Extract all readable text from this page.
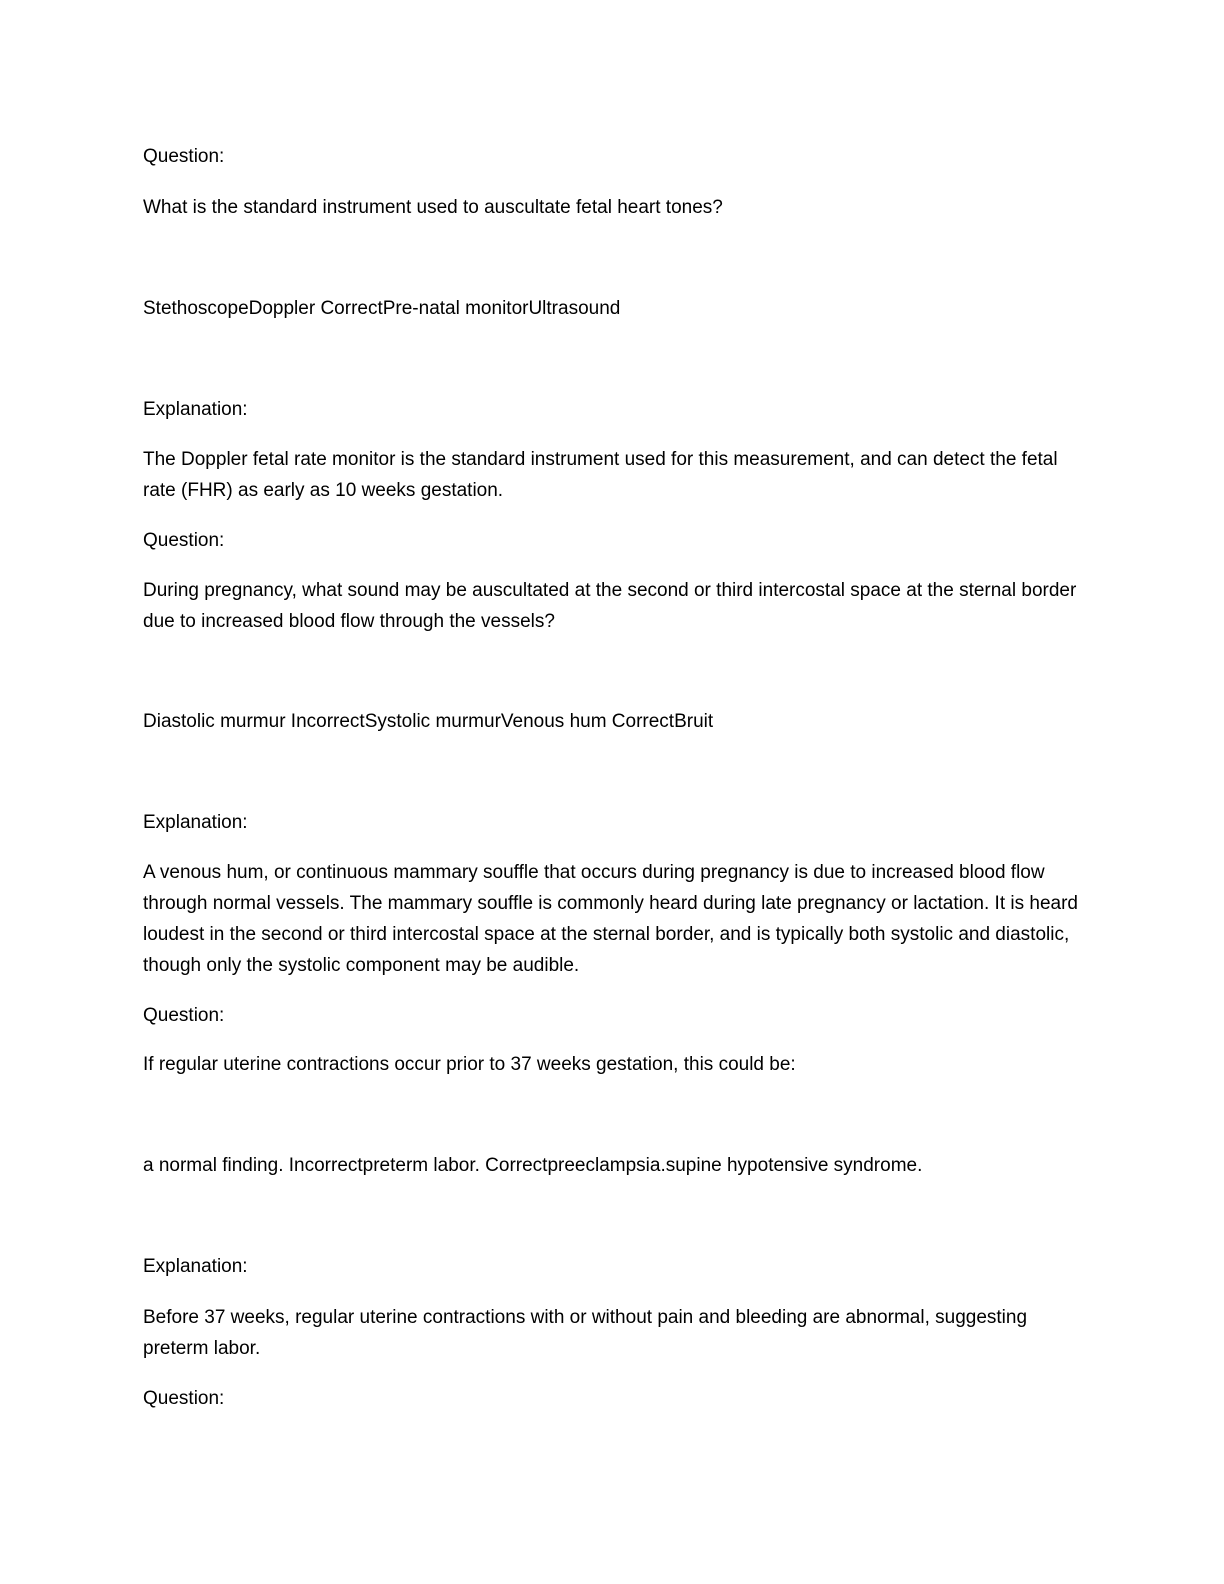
Question:
What is the standard instrument used to auscultate fetal heart tones?
StethoscopeDoppler CorrectPre-natal monitorUltrasound
Explanation:
The Doppler fetal rate monitor is the standard instrument used for this measurement, and can detect the fetal rate (FHR) as early as 10 weeks gestation.
Question:
During pregnancy, what sound may be auscultated at the second or third intercostal space at the sternal border due to increased blood flow through the vessels?
Diastolic murmur IncorrectSystolic murmurVenous hum CorrectBruit
Explanation:
A venous hum, or continuous mammary souffle that occurs during pregnancy is due to increased blood flow through normal vessels. The mammary souffle is commonly heard during late pregnancy or lactation. It is heard loudest in the second or third intercostal space at the sternal border, and is typically both systolic and diastolic, though only the systolic component may be audible.
Question:
If regular uterine contractions occur prior to 37 weeks gestation, this could be:
a normal finding. Incorrectpreterm labor. Correctpreeclampsia.supine hypotensive syndrome.
Explanation:
Before 37 weeks, regular uterine contractions with or without pain and bleeding are abnormal, suggesting preterm labor.
Question:
